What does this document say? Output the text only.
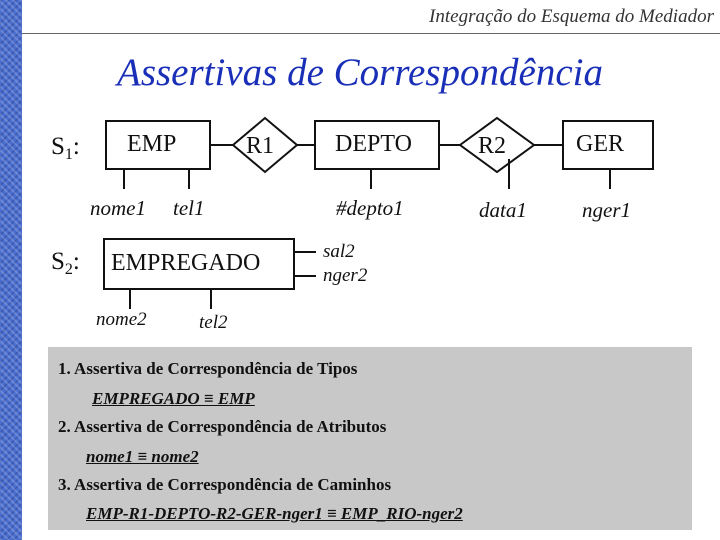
Integração do Esquema do Mediador
Assertivas de Correspondência
$S_1$: EMP	R1	DEPTO	R2	GER
nome1 tel1	#depto1	data1	nger1
$S_2$: EMPREGADO
nome2	tel2
sal2
nger2
1. Assertiva de Correspondência de Tipos
EMPREGADO ≡ EMP
2. Assertiva de Correspondência de Atributos
nome1 ≡ nome2
3. Assertiva de Correspondência de Caminhos
EMP-R1-DEPTO-R2-GER-nger1 ≡ EMP_RIO-nger2
